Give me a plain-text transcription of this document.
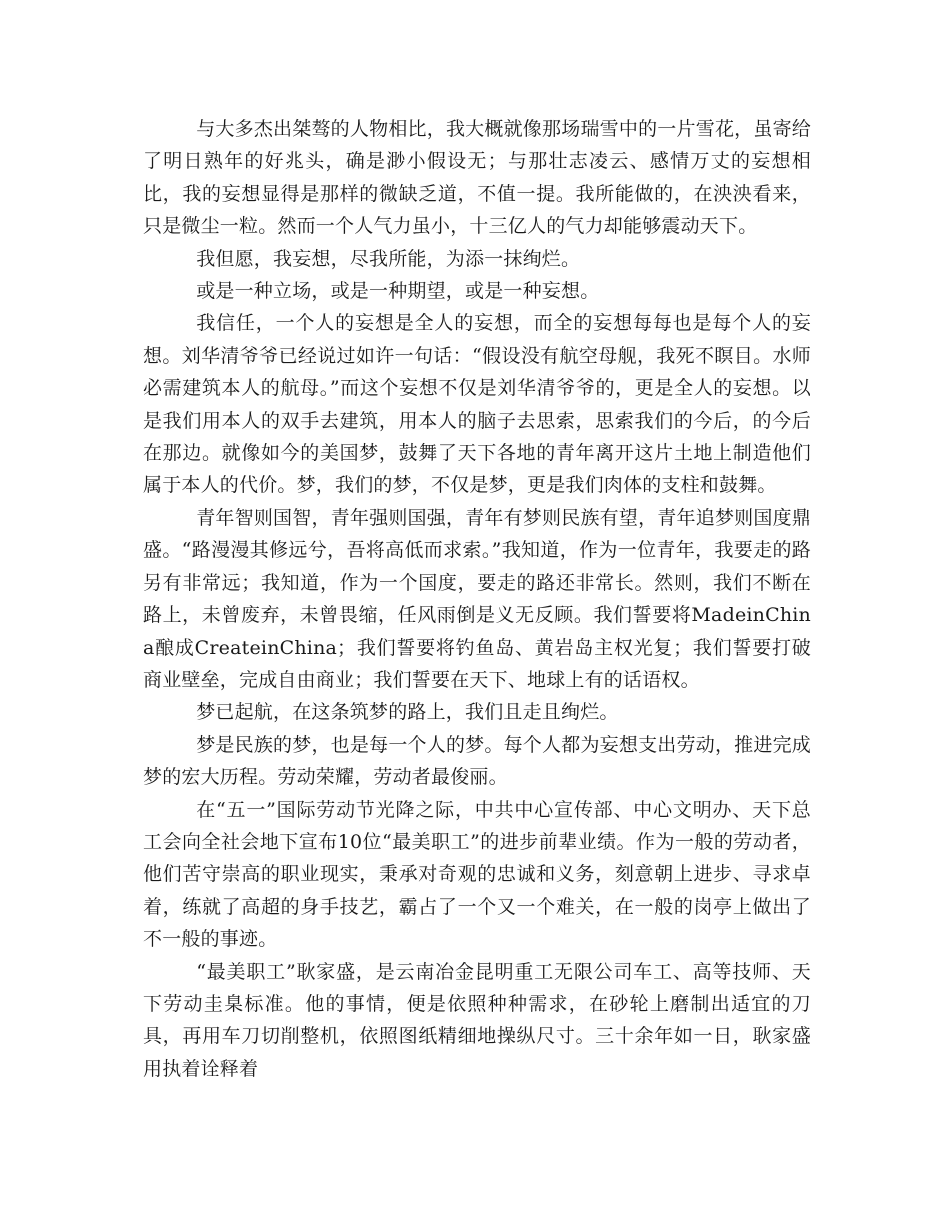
与大多杰出桀骜的人物相比，我大概就像那场瑞雪中的一片雪花，虽寄给了明日熟年的好兆头，确是渺小假设无；与那壮志凌云、感情万丈的妄想相比，我的妄想显得是那样的微缺乏道，不值一提。我所能做的，在泱泱看来，只是微尘一粒。然而一个人气力虽小，十三亿人的气力却能够震动天下。

我但愿，我妄想，尽我所能，为添一抹绚烂。

或是一种立场，或是一种期望，或是一种妄想。

我信任，一个人的妄想是全人的妄想，而全的妄想每每也是每个人的妄想。刘华清爷爷已经说过如许一句话：“假设没有航空母舰，我死不瞑目。水师必需建筑本人的航母。”而这个妄想不仅是刘华清爷爷的，更是全人的妄想。以是我们用本人的双手去建筑，用本人的脑子去思索，思索我们的今后，的今后在那边。就像如今的美国梦，鼓舞了天下各地的青年离开这片土地上制造他们属于本人的代价。梦，我们的梦，不仅是梦，更是我们肉体的支柱和鼓舞。

青年智则国智，青年强则国强，青年有梦则民族有望，青年追梦则国度鼎盛。“路漫漫其修远兮，吾将高低而求索。”我知道，作为一位青年，我要走的路另有非常远；我知道，作为一个国度，要走的路还非常长。然则，我们不断在路上，未曾废弃，未曾畏缩，任风雨倒是义无反顾。我们誓要将MadeinChina酿成CreateinChina；我们誓要将钓鱼岛、黄岩岛主权光复；我们誓要打破商业壁垒，完成自由商业；我们誓要在天下、地球上有的话语权。

梦已起航，在这条筑梦的路上，我们且走且绚烂。

梦是民族的梦，也是每一个人的梦。每个人都为妄想支出劳动，推进完成梦的宏大历程。劳动荣耀，劳动者最俊丽。

在“五一”国际劳动节光降之际，中共中心宣传部、中心文明办、天下总工会向全社会地下宣布10位“最美职工”的进步前辈业绩。作为一般的劳动者，他们苦守崇高的职业现实，秉承对奇观的忠诚和义务，刻意朝上进步、寻求卓着，练就了高超的身手技艺，霸占了一个又一个难关，在一般的岗亭上做出了不一般的事迹。

“最美职工”耿家盛，是云南冶金昆明重工无限公司车工、高等技师、天下劳动圭臬标准。他的事情，便是依照种种需求，在砂轮上磨制出适宜的刀具，再用车刀切削整机，依照图纸精细地操纵尺寸。三十余年如一日，耿家盛用执着诠释着
